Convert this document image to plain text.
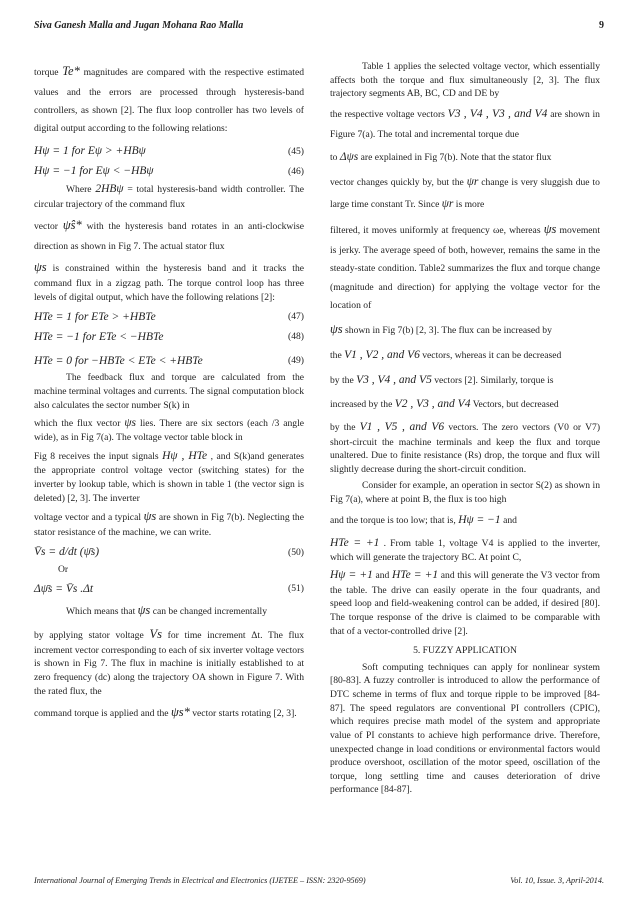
Siva Ganesh Malla and Jugan Mohana Rao Malla	9

torque Te* magnitudes are compared with the respective estimated values and the errors are processed through hysteresis-band controllers, as shown [2]. The flux loop controller has two levels of digital output according to the following relations:

Hψ = 1 for Eψ > +HBψ	(45)
Hψ = −1 for Eψ < −HBψ	(46)

Where 2HBψ = total hysteresis-band width controller. The circular trajectory of the command flux

vector ψ̂s* with the hysteresis band rotates in an anti-clockwise direction as shown in Fig 7. The actual stator flux

ψs is constrained within the hysteresis band and it tracks the command flux in a zigzag path. The torque control loop has three levels of digital output, which have the following relations [2]:

HTe = 1 for ETe > +HBTe	(47)
HTe = −1 for ETe < −HBTe	(48)
HTe = 0 for −HBTe < ETe < +HBTe	(49)

The feedback flux and torque are calculated from the machine terminal voltages and currents. The signal computation block also calculates the sector number S(k) in

which the flux vector ψs lies. There are six sectors (each /3 angle wide), as in Fig 7(a). The voltage vector table block in

Fig 8 receives the input signals Hψ , HTe , and S(k)and generates the appropriate control voltage vector (switching states) for the inverter by lookup table, which is shown in table 1 (the vector sign is deleted) [2, 3]. The inverter

voltage vector and a typical ψs are shown in Fig 7(b). Neglecting the stator resistance of the machine, we can write.

V̄s = d/dt (ψ̄s)	(50)

Or

Δψ̄s = V̄s .Δt	(51)

Which means that ψs can be changed incrementally

by applying stator voltage Vs for time increment Δt. The flux increment vector corresponding to each of six inverter voltage vectors is shown in Fig 7. The flux in machine is initially established to at zero frequency (dc) along the trajectory OA shown in Figure 7. With the rated flux, the

command torque is applied and the ψs* vector starts rotating [2, 3].

Table 1 applies the selected voltage vector, which essentially affects both the torque and flux simultaneously [2, 3]. The flux trajectory segments AB, BC, CD and DE by

the respective voltage vectors V3 , V4 , V3 , and V4 are shown in Figure 7(a). The total and incremental torque due

to Δψs are explained in Fig 7(b). Note that the stator flux

vector changes quickly by, but the ψr change is very sluggish due to large time constant Tr. Since ψr is more

filtered, it moves uniformly at frequency ωe, whereas ψs movement is jerky. The average speed of both, however, remains the same in the steady-state condition. Table2 summarizes the flux and torque change (magnitude and direction) for applying the voltage vector for the location of

ψs shown in Fig 7(b) [2, 3]. The flux can be increased by

the V1 , V2 , and V6 vectors, whereas it can be decreased

by the V3 , V4 , and V5 vectors [2]. Similarly, torque is

increased by the V2 , V3 , and V4 Vectors, but decreased

by the V1 , V5 , and V6 vectors. The zero vectors (V0 or V7) short-circuit the machine terminals and keep the flux and torque unaltered. Due to finite resistance (Rs) drop, the torque and flux will slightly decrease during the short-circuit condition.

Consider for example, an operation in sector S(2) as shown in Fig 7(a), where at point B, the flux is too high

and the torque is too low; that is, Hψ = −1 and

HTe = +1 . From table 1, voltage V4 is applied to the inverter, which will generate the trajectory BC. At point C,

Hψ = +1 and HTe = +1 and this will generate the V3 vector from the table. The drive can easily operate in the four quadrants, and speed loop and field-weakening control can be added, if desired [80]. The torque response of the drive is claimed to be comparable with that of a vector-controlled drive [2].

5. FUZZY APPLICATION

Soft computing techniques can apply for nonlinear system [80-83]. A fuzzy controller is introduced to allow the performance of DTC scheme in terms of flux and torque ripple to be improved [84-87]. The speed regulators are conventional PI controllers (CPIC), which requires precise math model of the system and appropriate value of PI constants to achieve high performance drive. Therefore, unexpected change in load conditions or environmental factors would produce overshoot, oscillation of the motor speed, oscillation of the torque, long settling time and causes deterioration of drive performance [84-87].

International Journal of Emerging Trends in Electrical and Electronics (IJETEE – ISSN: 2320-9569)	Vol. 10, Issue. 3, April-2014.
